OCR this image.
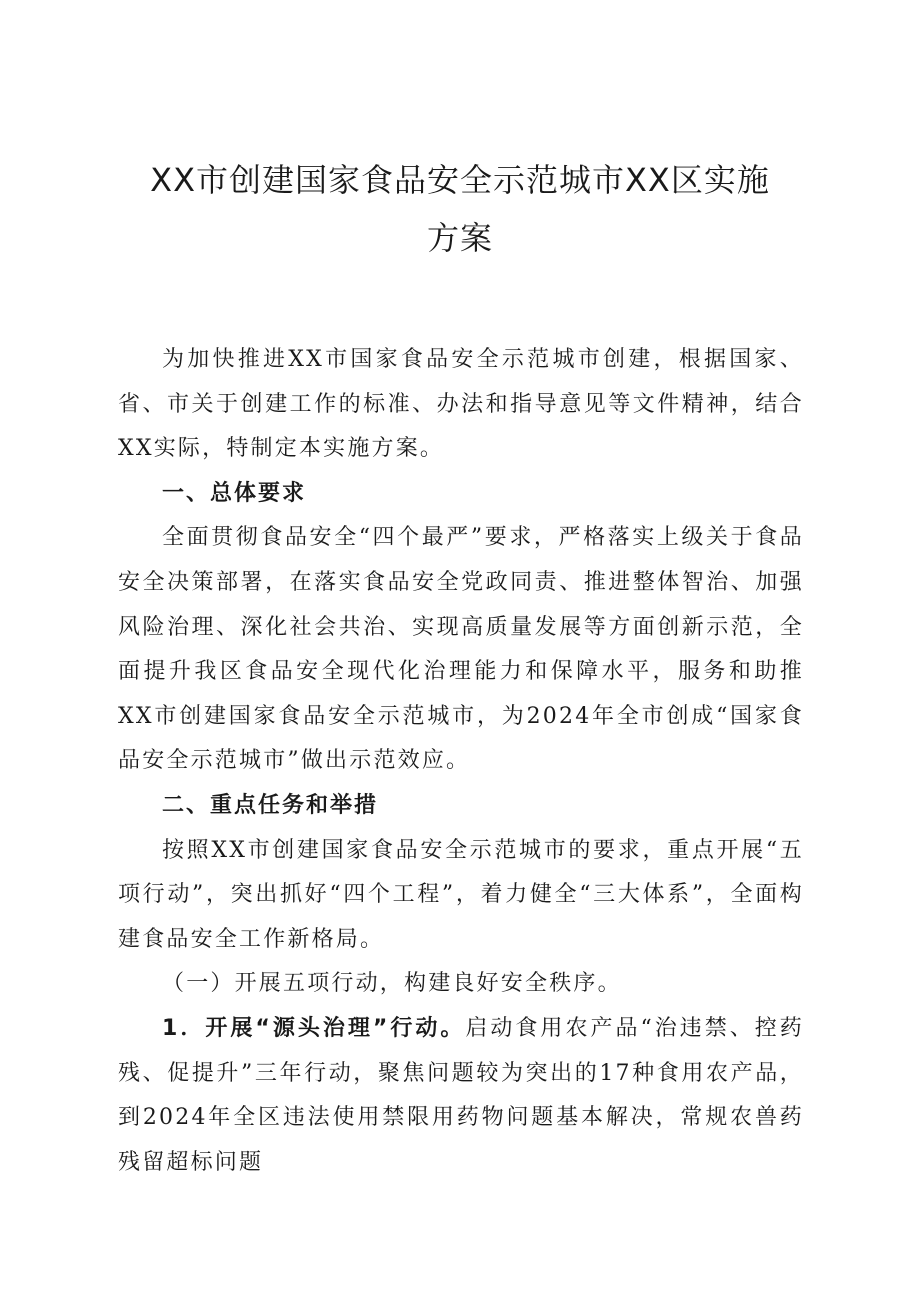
XX市创建国家食品安全示范城市XX区实施
方案

为加快推进XX市国家食品安全示范城市创建，根据国家、省、市关于创建工作的标准、办法和指导意见等文件精神，结合XX实际，特制定本实施方案。

一、总体要求

全面贯彻食品安全“四个最严”要求，严格落实上级关于食品安全决策部署，在落实食品安全党政同责、推进整体智治、加强风险治理、深化社会共治、实现高质量发展等方面创新示范，全面提升我区食品安全现代化治理能力和保障水平，服务和助推XX市创建国家食品安全示范城市，为2024年全市创成“国家食品安全示范城市”做出示范效应。

二、重点任务和举措

按照XX市创建国家食品安全示范城市的要求，重点开展“五项行动”，突出抓好“四个工程”，着力健全“三大体系”，全面构建食品安全工作新格局。

（一）开展五项行动，构建良好安全秩序。

1．开展“源头治理”行动。启动食用农产品“治违禁、控药残、促提升”三年行动，聚焦问题较为突出的17种食用农产品，到2024年全区违法使用禁限用药物问题基本解决，常规农兽药残留超标问题
